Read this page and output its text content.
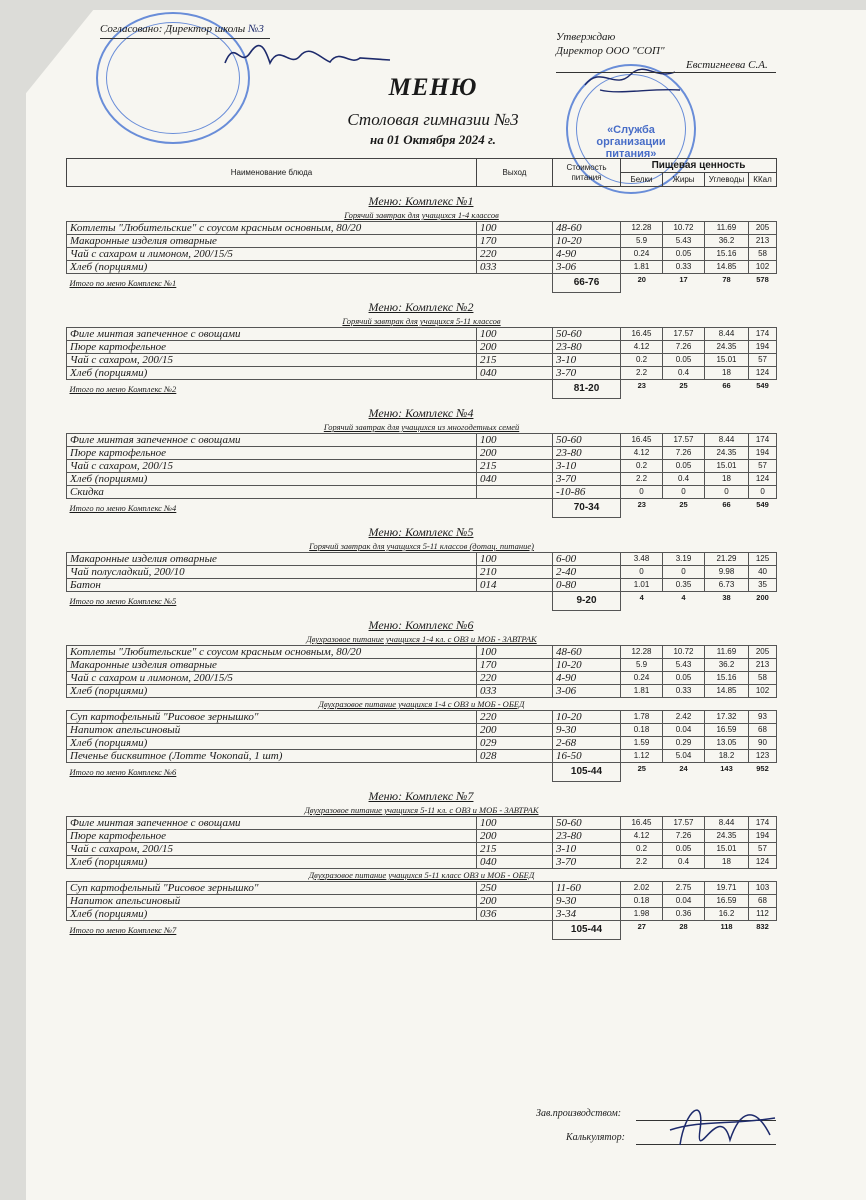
«Служба организации питания»
Согласовано: Директор школы №3
Утверждаю
Директор ООО "СОП"
Евстигнеева С.А.
МЕНЮ
Столовая гимназии №3
на 01 Октября 2024 г.
Наименование блюда	Выход	Стоимость питания	Пищевая ценность			
			Белки	Жиры	Углеводы	ККал
Меню: Комплекс №1
Горячий завтрак для учащихся 1-4 классов						
Котлеты "Любительские" с соусом красным основным, 80/20	100	48-60	12.28	10.72	11.69	205
Макаронные изделия отварные	170	10-20	5.9	5.43	36.2	213
Чай с сахаром и лимоном, 200/15/5	220	4-90	0.24	0.05	15.16	58
Хлеб (порциями)	033	3-06	1.81	0.33	14.85	102
Итого по меню Комплекс №1		66-76	20	17	78	578
Меню: Комплекс №2
Горячий завтрак для учащихся 5-11 классов						
Филе минтая запеченное с овощами	100	50-60	16.45	17.57	8.44	174
Пюре картофельное	200	23-80	4.12	7.26	24.35	194
Чай с сахаром, 200/15	215	3-10	0.2	0.05	15.01	57
Хлеб (порциями)	040	3-70	2.2	0.4	18	124
Итого по меню Комплекс №2		81-20	23	25	66	549
Меню: Комплекс №4
Горячий завтрак для учащихся из многодетных семей						
Филе минтая запеченное с овощами	100	50-60	16.45	17.57	8.44	174
Пюре картофельное	200	23-80	4.12	7.26	24.35	194
Чай с сахаром, 200/15	215	3-10	0.2	0.05	15.01	57
Хлеб (порциями)	040	3-70	2.2	0.4	18	124
Скидка		-10-86	0	0	0	0
Итого по меню Комплекс №4		70-34	23	25	66	549
Меню: Комплекс №5
Горячий завтрак для учащихся 5-11 классов (дотац. питание)						
Макаронные изделия отварные	100	6-00	3.48	3.19	21.29	125
Чай полусладкий, 200/10	210	2-40	0	0	9.98	40
Батон	014	0-80	1.01	0.35	6.73	35
Итого по меню Комплекс №5		9-20	4	4	38	200
Меню: Комплекс №6
Двухразовое питание учащихся 1-4 кл. с ОВЗ и МОБ - ЗАВТРАК						
Котлеты "Любительские" с соусом красным основным, 80/20	100	48-60	12.28	10.72	11.69	205
Макаронные изделия отварные	170	10-20	5.9	5.43	36.2	213
Чай с сахаром и лимоном, 200/15/5	220	4-90	0.24	0.05	15.16	58
Хлеб (порциями)	033	3-06	1.81	0.33	14.85	102
Двухразовое питание учащихся 1-4 с ОВЗ и МОБ - ОБЕД						
Суп картофельный "Рисовое зернышко"	220	10-20	1.78	2.42	17.32	93
Напиток апельсиновый	200	9-30	0.18	0.04	16.59	68
Хлеб (порциями)	029	2-68	1.59	0.29	13.05	90
Печенье бисквитное (Лотте Чокопай, 1 шт)	028	16-50	1.12	5.04	18.2	123
Итого по меню Комплекс №6		105-44	25	24	143	952
Меню: Комплекс №7
Двухразовое питание учащихся 5-11 кл. с ОВЗ и МОБ - ЗАВТРАК						
Филе минтая запеченное с овощами	100	50-60	16.45	17.57	8.44	174
Пюре картофельное	200	23-80	4.12	7.26	24.35	194
Чай с сахаром, 200/15	215	3-10	0.2	0.05	15.01	57
Хлеб (порциями)	040	3-70	2.2	0.4	18	124
Двухразовое питание учащихся 5-11 класс ОВЗ и МОБ - ОБЕД						
Суп картофельный "Рисовое зернышко"	250	11-60	2.02	2.75	19.71	103
Напиток апельсиновый	200	9-30	0.18	0.04	16.59	68
Хлеб (порциями)	036	3-34	1.98	0.36	16.2	112
Итого по меню Комплекс №7		105-44	27	28	118	832
Зав.производством:
Калькулятор:
